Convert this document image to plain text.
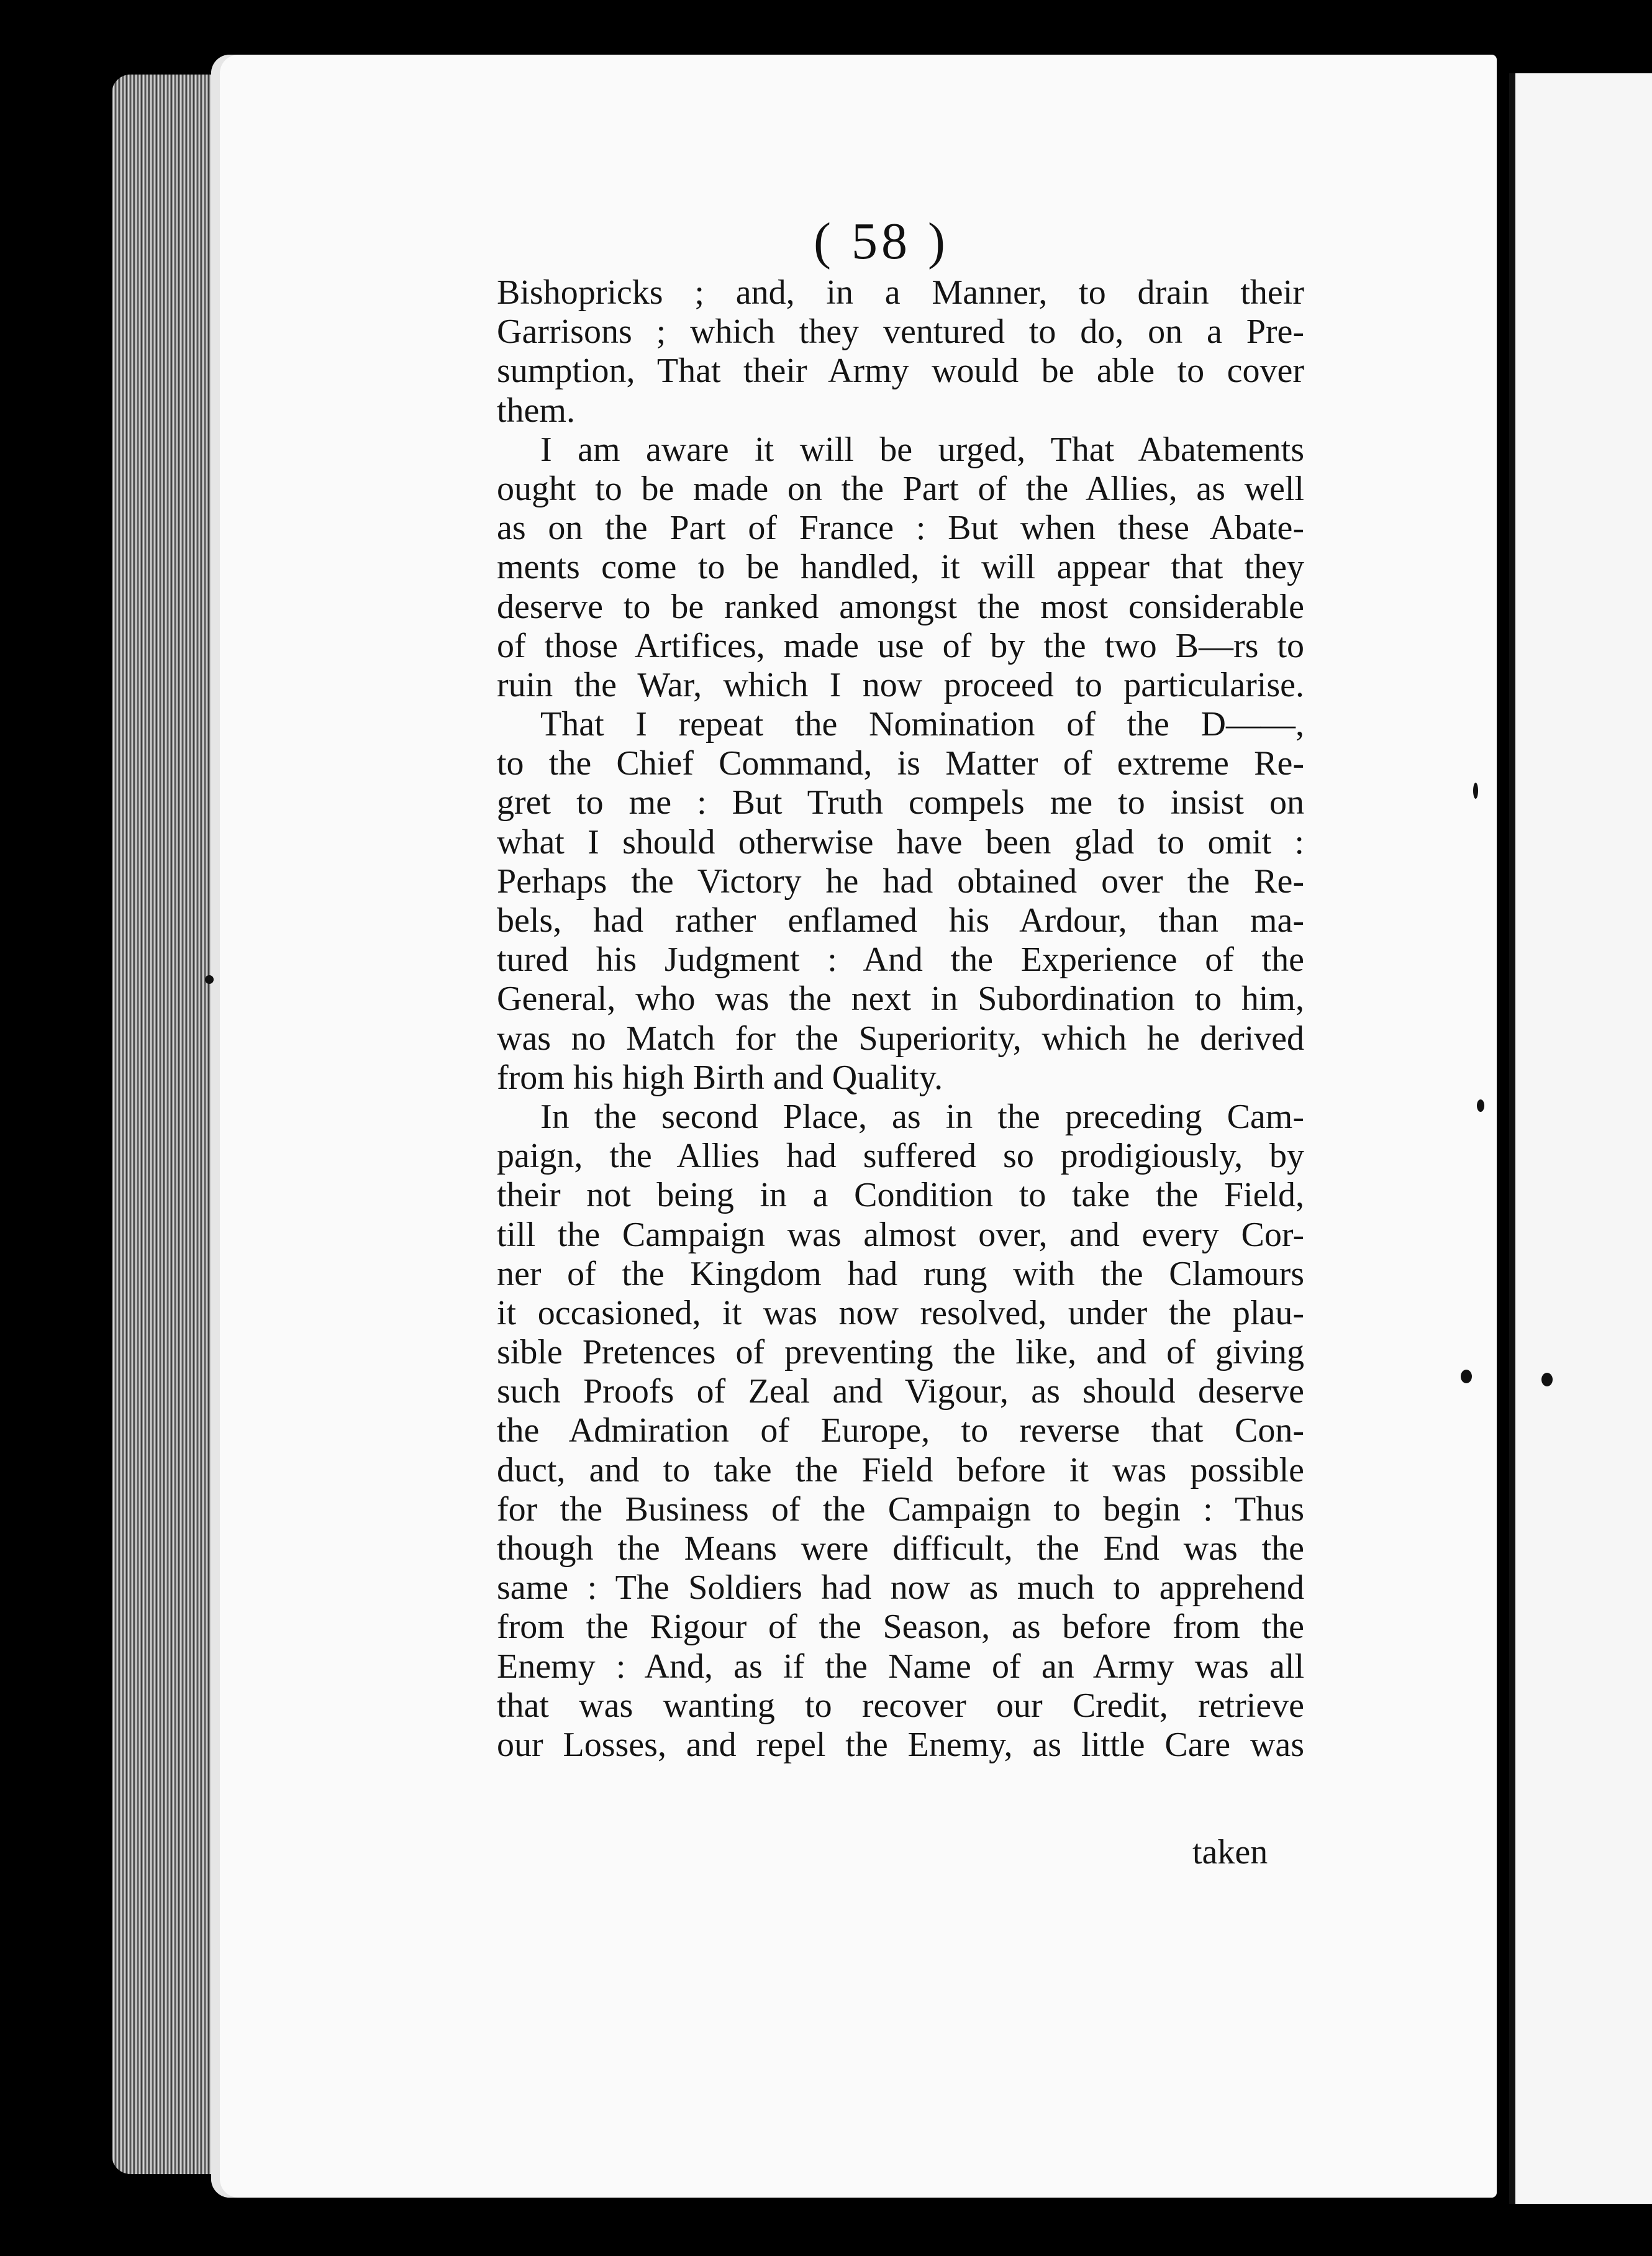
( 58 )
Bishopricks ; and, in a Manner, to drain their
Garrisons ; which they ventured to do, on a Pre-
sumption, That their Army would be able to cover
them.
I am aware it will be urged, That Abatements
ought to be made on the Part of the Allies, as well
as on the Part of France : But when these Abate-
ments come to be handled, it will appear that they
deserve to be ranked amongst the most considerable
of those Artifices, made use of by the two B—rs to
ruin the War, which I now proceed to particularise.
That I repeat the Nomination of the D——,
to the Chief Command, is Matter of extreme Re-
gret to me : But Truth compels me to insist on
what I should otherwise have been glad to omit :
Perhaps the Victory he had obtained over the Re-
bels, had rather enflamed his Ardour, than ma-
tured his Judgment : And the Experience of the
General, who was the next in Subordination to him,
was no Match for the Superiority, which he derived
from his high Birth and Quality.
In the second Place, as in the preceding Cam-
paign, the Allies had suffered so prodigiously, by
their not being in a Condition to take the Field,
till the Campaign was almost over, and every Cor-
ner of the Kingdom had rung with the Clamours
it occasioned, it was now resolved, under the plau-
sible Pretences of preventing the like, and of giving
such Proofs of Zeal and Vigour, as should deserve
the Admiration of Europe, to reverse that Con-
duct, and to take the Field before it was possible
for the Business of the Campaign to begin : Thus
though the Means were difficult, the End was the
same : The Soldiers had now as much to apprehend
from the Rigour of the Season, as before from the
Enemy : And, as if the Name of an Army was all
that was wanting to recover our Credit, retrieve
our Losses, and repel the Enemy, as little Care was
taken
